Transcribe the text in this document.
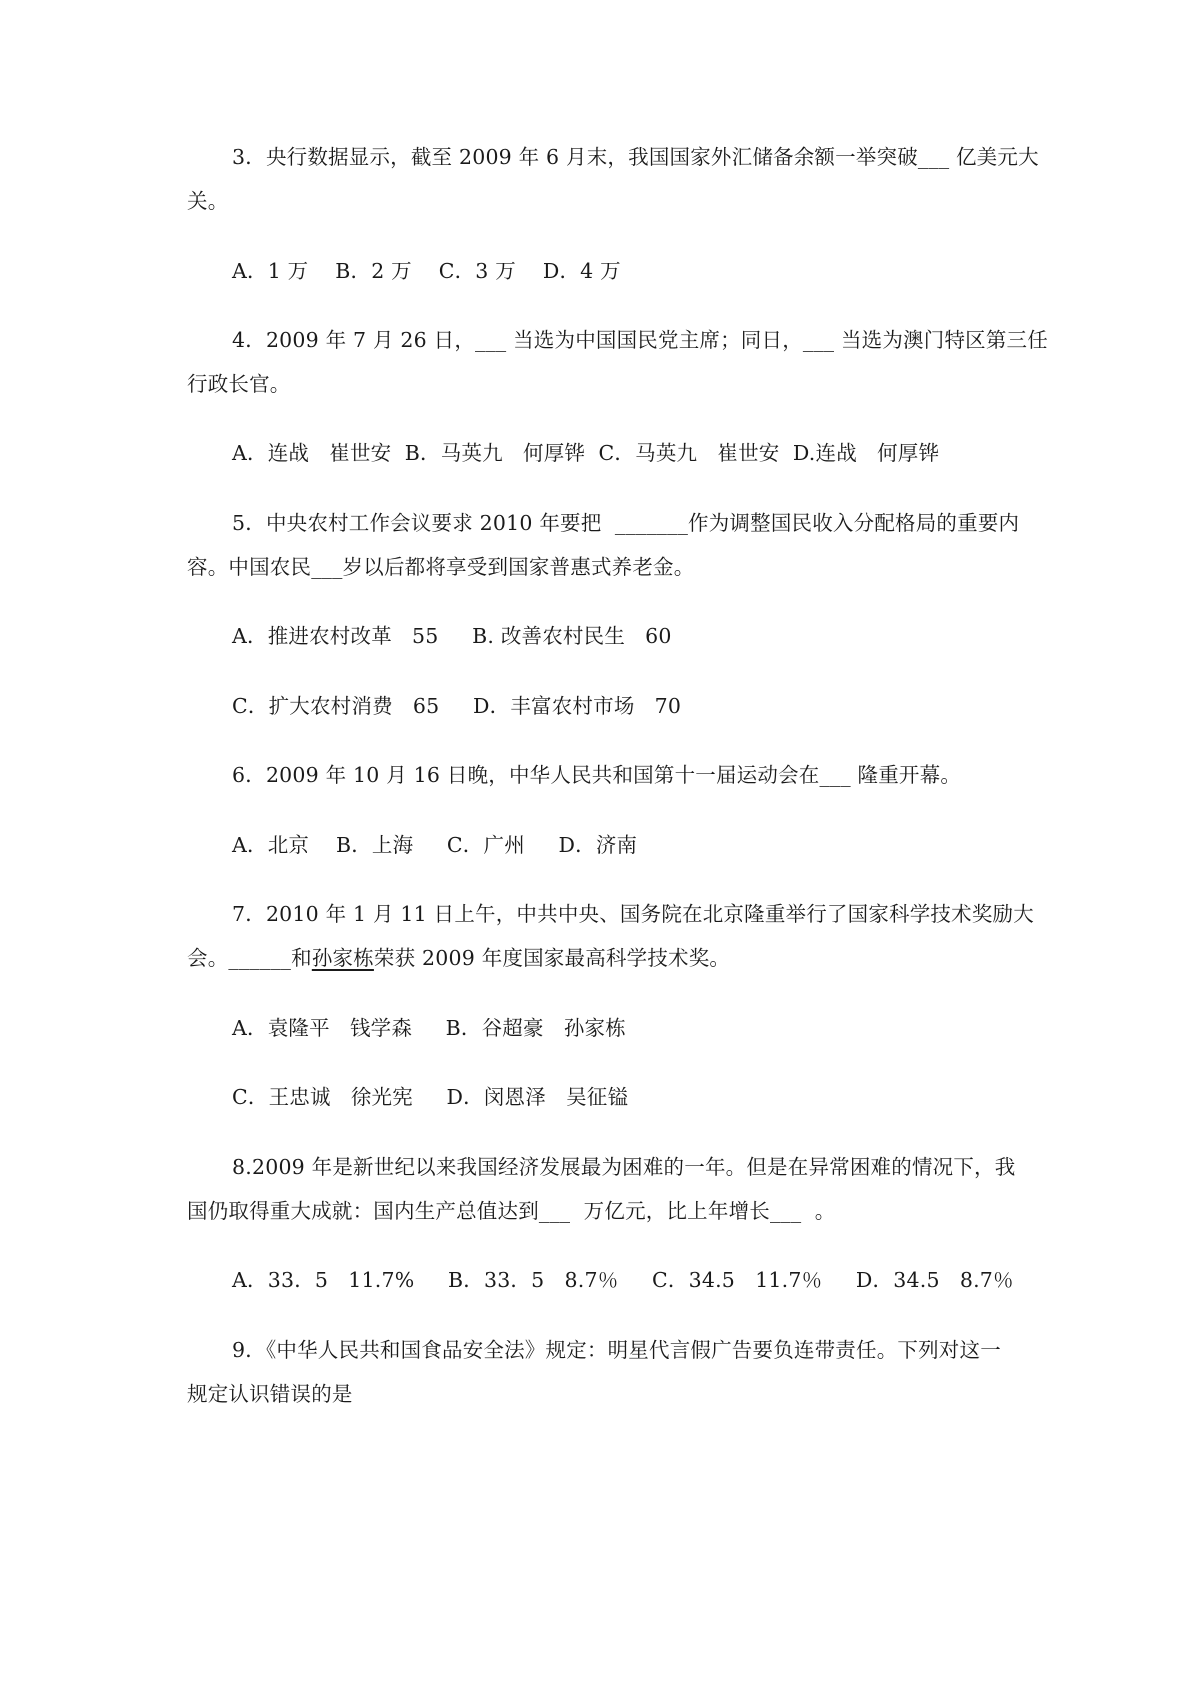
3．央行数据显示，截至 2009 年 6 月末，我国国家外汇储备余额一举突破___ 亿美元大
关。
A．1 万    B．2 万    C．3 万    D．4 万
4．2009 年 7 月 26 日，___ 当选为中国国民党主席；同日，___ 当选为澳门特区第三任
行政长官。
A．连战   崔世安  B．马英九   何厚铧  C．马英九   崔世安  D.连战   何厚铧
5．中央农村工作会议要求 2010 年要把  _______作为调整国民收入分配格局的重要内
容。中国农民___岁以后都将享受到国家普惠式养老金。
A．推进农村改革   55     B. 改善农村民生   60
C．扩大农村消费   65     D．丰富农村市场   70
6．2009 年 10 月 16 日晚，中华人民共和国第十一届运动会在___ 隆重开幕。
A．北京    B．上海     C．广州     D．济南
7．2010 年 1 月 11 日上午，中共中央、国务院在北京隆重举行了国家科学技术奖励大
会。______和孙家栋荣获 2009 年度国家最高科学技术奖。
A．袁隆平   钱学森     B．谷超豪   孙家栋
C．王忠诚   徐光宪     D．闵恩泽   吴征镒
8.2009 年是新世纪以来我国经济发展最为困难的一年。但是在异常困难的情况下，我
国仍取得重大成就：国内生产总值达到___  万亿元，比上年增长___  。
A．33．5   11.7%     B．33．5   8.7％     C．34.5   11.7％     D．34.5   8.7％
9．《中华人民共和国食品安全法》规定：明星代言假广告要负连带责任。下列对这一
规定认识错误的是
